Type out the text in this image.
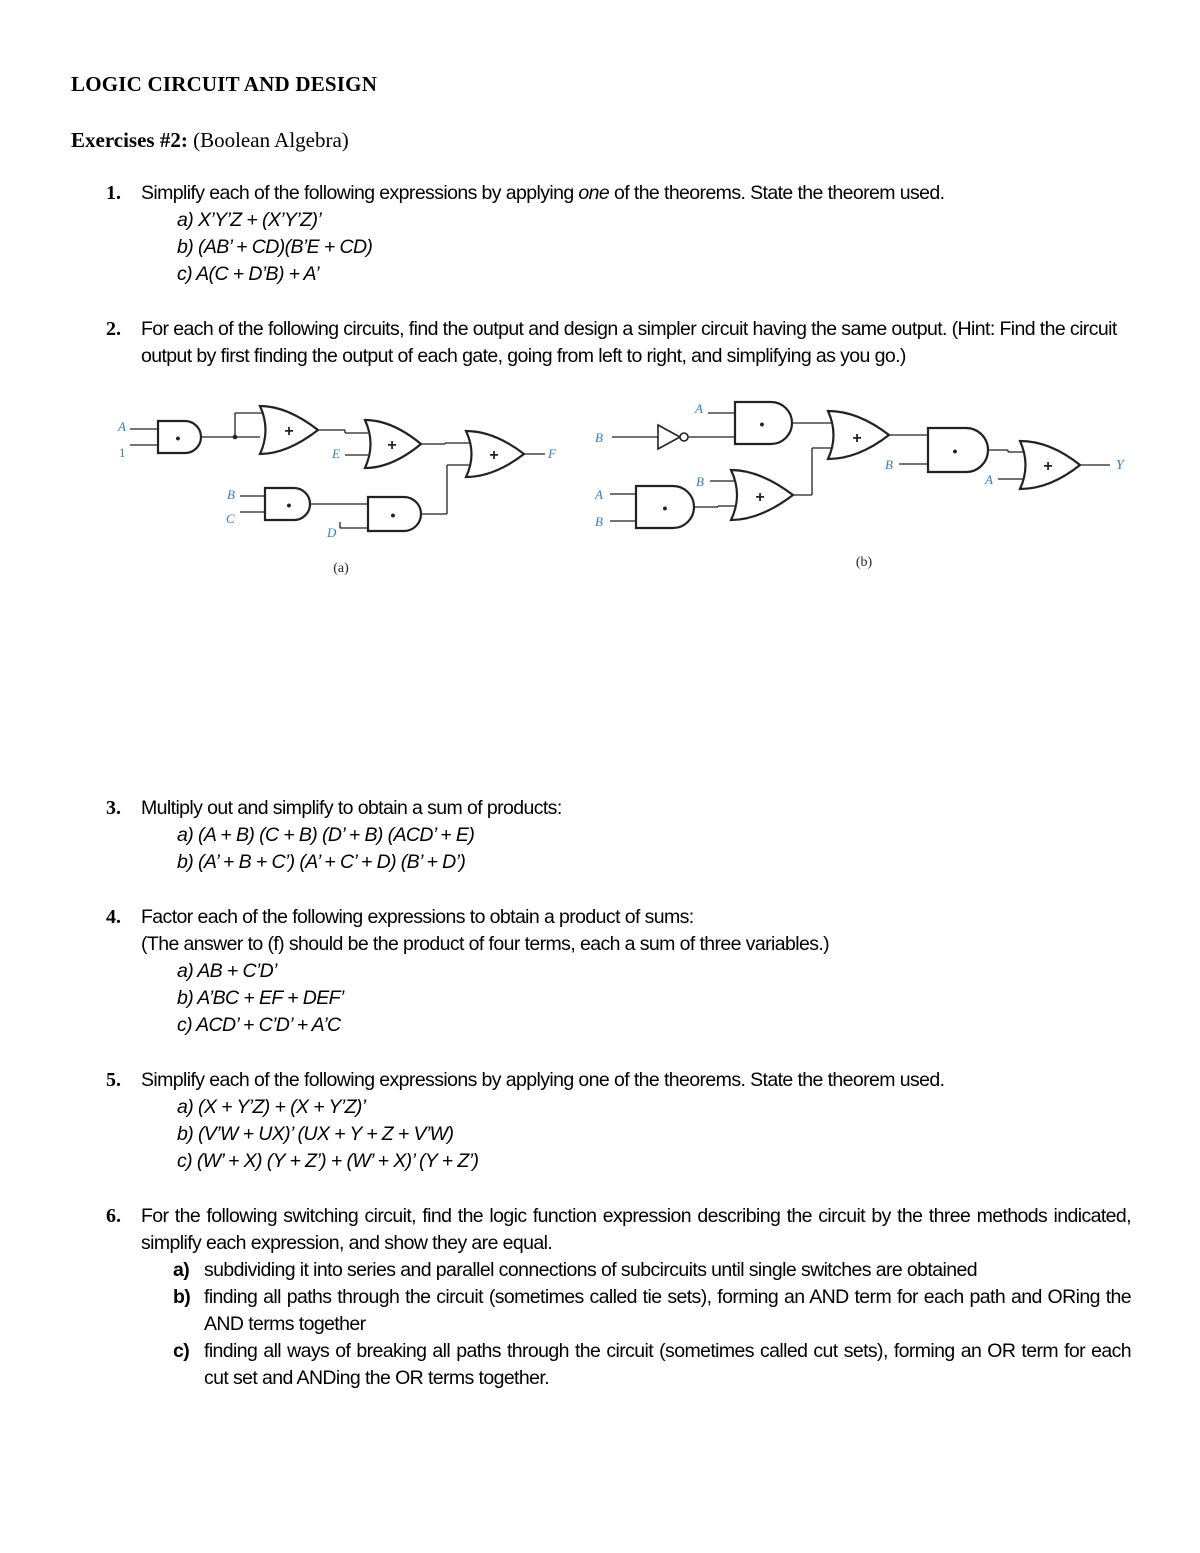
LOGIC CIRCUIT AND DESIGN
Exercises #2: (Boolean Algebra)
1. Simplify each of the following expressions by applying one of the theorems. State the theorem used.
a) X’Y’Z + (X’Y’Z)’
b) (AB’ + CD)(B’E + CD)
c) A(C + D’B) + A’
2. For each of the following circuits, find the output and design a simpler circuit having the same output. (Hint: Find the circuit output by first finding the output of each gate, going from left to right, and simplifying as you go.)
•
A
1
+
E	+
•
B
C
D
•
+	F
(a)
B
A
•
+
A
B
•
B
+
B
•
A
+	Y
(b)
3. Multiply out and simplify to obtain a sum of products:
a) (A + B) (C + B) (D’ + B) (ACD’ + E)
b) (A’ + B + C’) (A’ + C’ + D) (B’ + D’)
4. Factor each of the following expressions to obtain a product of sums:
(The answer to (f) should be the product of four terms, each a sum of three variables.)
a) AB + C’D’
b) A’BC + EF + DEF’
c) ACD’ + C’D’ + A’C
5. Simplify each of the following expressions by applying one of the theorems. State the theorem used.
a) (X + Y’Z) + (X + Y’Z)’
b) (V’W + UX)’ (UX + Y + Z + V’W)
c) (W’ + X) (Y + Z’) + (W’ + X)’ (Y + Z’)
6. For the following switching circuit, find the logic function expression describing the circuit by the three methods indicated, simplify each expression, and show they are equal.
a) subdividing it into series and parallel connections of subcircuits until single switches are obtained
b) finding all paths through the circuit (sometimes called tie sets), forming an AND term for each path and ORing the AND terms together
c) finding all ways of breaking all paths through the circuit (sometimes called cut sets), forming an OR term for each cut set and ANDing the OR terms together.
